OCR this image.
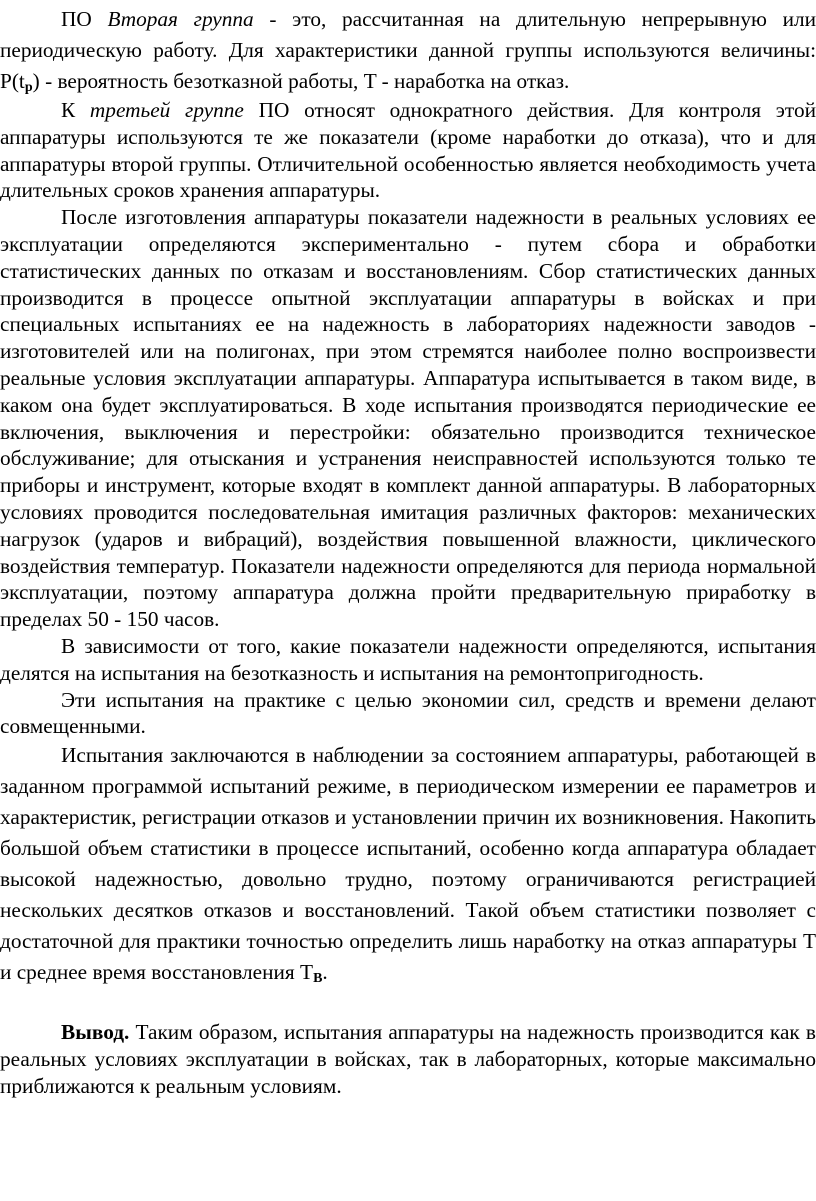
ПО Вторая группа - это, рассчитанная на длительную непрерывную или периодическую работу. Для характеристики данной группы используются величины: $P(t_p)$ - вероятность безотказной работы, T - наработка на отказ.

К третьей группе ПО относят однократного действия. Для контроля этой аппаратуры используются те же показатели (кроме наработки до отказа), что и для аппаратуры второй группы. Отличительной особенностью является необходимость учета длительных сроков хранения аппаратуры.

После изготовления аппаратуры показатели надежности в реальных условиях ее эксплуатации определяются экспериментально - путем сбора и обработки статистических данных по отказам и восстановлениям. Сбор статистических данных производится в процессе опытной эксплуатации аппаратуры в войсках и при специальных испытаниях ее на надежность в лабораториях надежности заводов - изготовителей или на полигонах, при этом стремятся наиболее полно воспроизвести реальные условия эксплуатации аппаратуры. Аппаратура испытывается в таком виде, в каком она будет эксплуатироваться. В ходе испытания производятся периодические ее включения, выключения и перестройки: обязательно производится техническое обслуживание; для отыскания и устранения неисправностей используются только те приборы и инструмент, которые входят в комплект данной аппаратуры. В лабораторных условиях проводится последовательная имитация различных факторов: механических нагрузок (ударов и вибраций), воздействия повышенной влажности, циклического воздействия температур. Показатели надежности определяются для периода нормальной эксплуатации, поэтому аппаратура должна пройти предварительную приработку в пределах 50 - 150 часов.

В зависимости от того, какие показатели надежности определяются, испытания делятся на испытания на безотказность и испытания на ремонтопригодность.

Эти испытания на практике с целью экономии сил, средств и времени делают совмещенными.

Испытания заключаются в наблюдении за состоянием аппаратуры, работающей в заданном программой испытаний режиме, в периодическом измерении ее параметров и характеристик, регистрации отказов и установлении причин их возникновения. Накопить большой объем статистики в процессе испытаний, особенно когда аппаратура обладает высокой надежностью, довольно трудно, поэтому ограничиваются регистрацией нескольких десятков отказов и восстановлений. Такой объем статистики позволяет с достаточной для практики точностью определить лишь наработку на отказ аппаратуры T и среднее время восстановления $T_B$.

Вывод. Таким образом, испытания аппаратуры на надежность производится как в реальных условиях эксплуатации в войсках, так в лабораторных, которые максимально приближаются к реальным условиям.
